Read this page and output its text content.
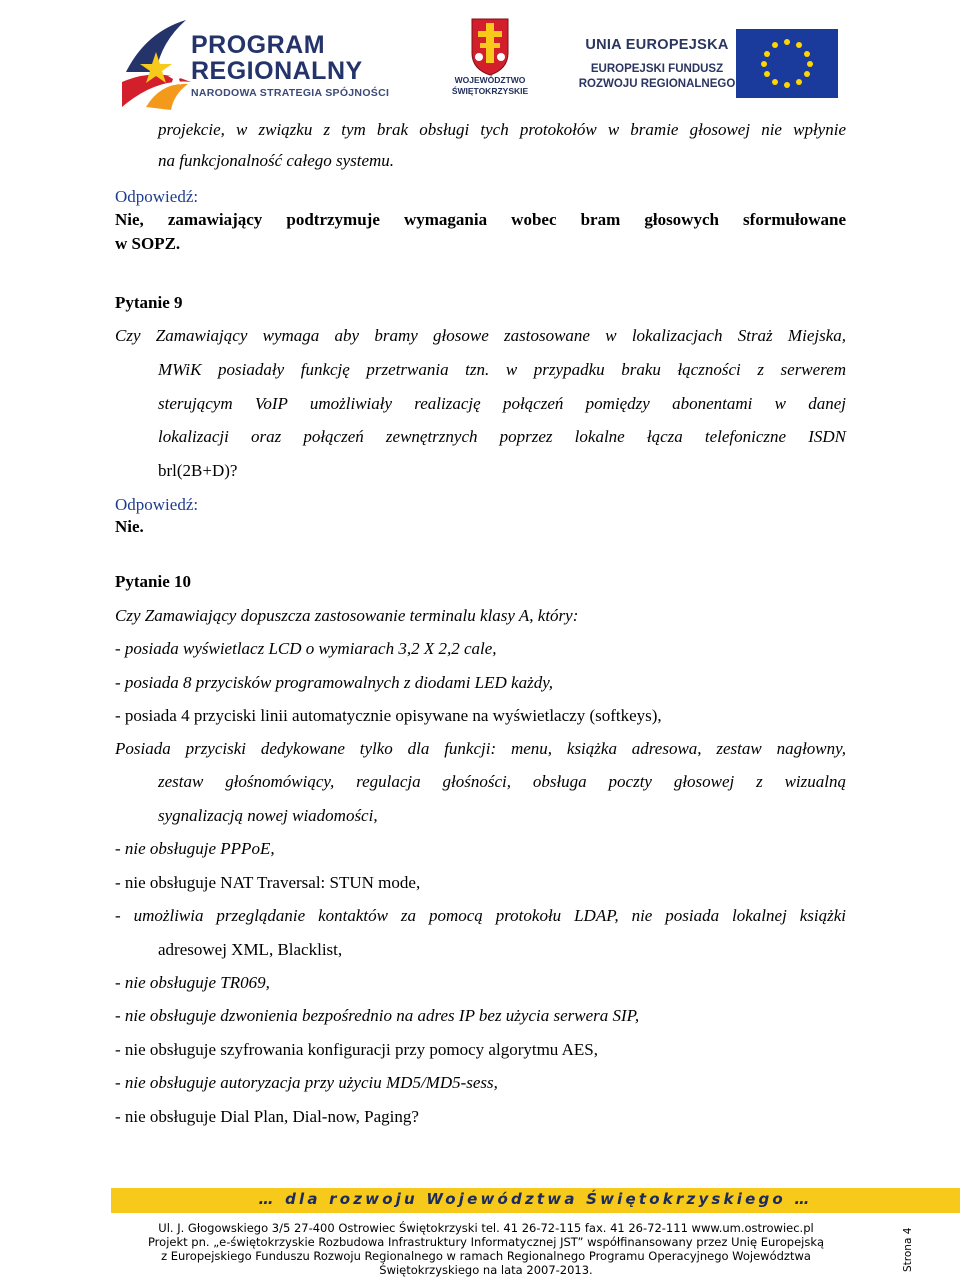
PROGRAM
REGIONALNY
NARODOWA STRATEGIA SPÓJNOŚCI
WOJEWÓDZTWO
ŚWIĘTOKRZYSKIE
UNIA EUROPEJSKA
EUROPEJSKI FUNDUSZ
ROZWOJU REGIONALNEGO
projekcie, w związku z tym brak obsługi tych protokołów w bramie głosowej nie wpłynie
na funkcjonalność całego systemu.
Odpowiedź:
Nie, zamawiający podtrzymuje wymagania wobec bram głosowych sformułowane
w SOPZ.
Pytanie 9
Czy Zamawiający wymaga aby bramy głosowe zastosowane w lokalizacjach Straż Miejska,
MWiK posiadały funkcję przetrwania tzn. w przypadku braku łączności z serwerem
sterującym VoIP umożliwiały realizację połączeń pomiędzy abonentami w danej
lokalizacji oraz połączeń zewnętrznych poprzez lokalne łącza telefoniczne ISDN
brl(2B+D)?
Odpowiedź:
Nie.
Pytanie 10
Czy Zamawiający dopuszcza zastosowanie terminalu klasy A, który:
- posiada wyświetlacz LCD o wymiarach 3,2 X 2,2 cale,
- posiada 8 przycisków programowalnych z diodami LED każdy,
- posiada 4 przyciski linii automatycznie opisywane na wyświetlaczy (softkeys),
Posiada przyciski dedykowane tylko dla funkcji: menu, książka adresowa, zestaw nagłowny,
zestaw głośnomówiący, regulacja głośności, obsługa poczty głosowej z wizualną
sygnalizacją nowej wiadomości,
- nie obsługuje PPPoE,
- nie obsługuje NAT Traversal: STUN mode,
- umożliwia przeglądanie kontaktów za pomocą protokołu LDAP, nie posiada lokalnej książki
adresowej XML, Blacklist,
- nie obsługuje TR069,
- nie obsługuje dzwonienia bezpośrednio na adres IP bez użycia serwera SIP,
- nie obsługuje szyfrowania konfiguracji przy pomocy algorytmu AES,
- nie obsługuje autoryzacja przy użyciu MD5/MD5-sess,
- nie obsługuje Dial Plan, Dial-now, Paging?
… dla rozwoju Województwa Świętokrzyskiego …
Ul. J. Głogowskiego 3/5 27-400 Ostrowiec Świętokrzyski tel. 41 26-72-115 fax. 41 26-72-111 www.um.ostrowiec.pl
Projekt pn. „e-świętokrzyskie Rozbudowa Infrastruktury Informatycznej JST” współfinansowany przez Unię Europejską
z Europejskiego Funduszu Rozwoju Regionalnego w ramach Regionalnego Programu Operacyjnego Województwa
Świętokrzyskiego na lata 2007-2013.	Strona 4
